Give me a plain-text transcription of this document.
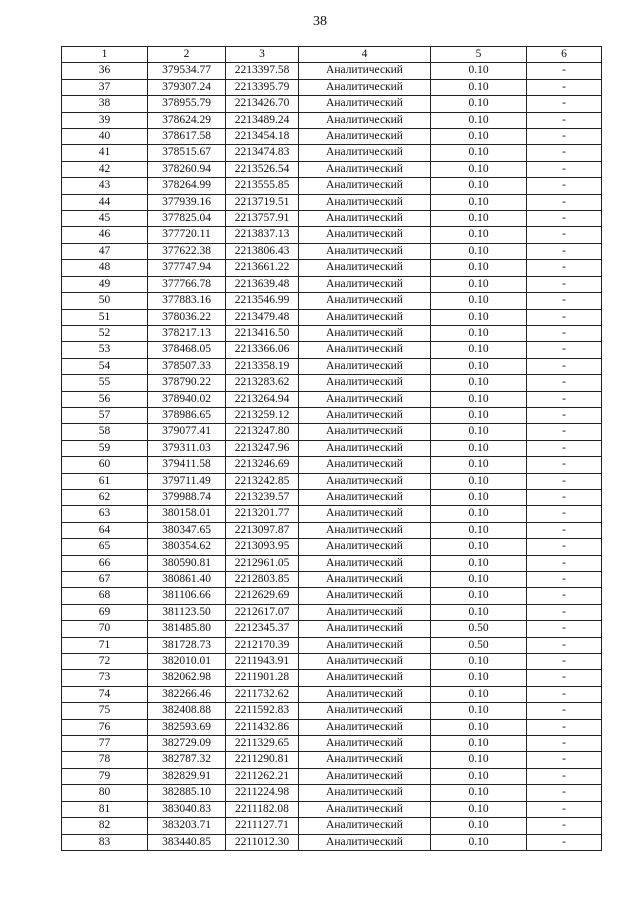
38
1	2	3	4	5	6
36	379534.77	2213397.58	Аналитический	0.10	-
37	379307.24	2213395.79	Аналитический	0.10	-
38	378955.79	2213426.70	Аналитический	0.10	-
39	378624.29	2213489.24	Аналитический	0.10	-
40	378617.58	2213454.18	Аналитический	0.10	-
41	378515.67	2213474.83	Аналитический	0.10	-
42	378260.94	2213526.54	Аналитический	0.10	-
43	378264.99	2213555.85	Аналитический	0.10	-
44	377939.16	2213719.51	Аналитический	0.10	-
45	377825.04	2213757.91	Аналитический	0.10	-
46	377720.11	2213837.13	Аналитический	0.10	-
47	377622.38	2213806.43	Аналитический	0.10	-
48	377747.94	2213661.22	Аналитический	0.10	-
49	377766.78	2213639.48	Аналитический	0.10	-
50	377883.16	2213546.99	Аналитический	0.10	-
51	378036.22	2213479.48	Аналитический	0.10	-
52	378217.13	2213416.50	Аналитический	0.10	-
53	378468.05	2213366.06	Аналитический	0.10	-
54	378507.33	2213358.19	Аналитический	0.10	-
55	378790.22	2213283.62	Аналитический	0.10	-
56	378940.02	2213264.94	Аналитический	0.10	-
57	378986.65	2213259.12	Аналитический	0.10	-
58	379077.41	2213247.80	Аналитический	0.10	-
59	379311.03	2213247.96	Аналитический	0.10	-
60	379411.58	2213246.69	Аналитический	0.10	-
61	379711.49	2213242.85	Аналитический	0.10	-
62	379988.74	2213239.57	Аналитический	0.10	-
63	380158.01	2213201.77	Аналитический	0.10	-
64	380347.65	2213097.87	Аналитический	0.10	-
65	380354.62	2213093.95	Аналитический	0.10	-
66	380590.81	2212961.05	Аналитический	0.10	-
67	380861.40	2212803.85	Аналитический	0.10	-
68	381106.66	2212629.69	Аналитический	0.10	-
69	381123.50	2212617.07	Аналитический	0.10	-
70	381485.80	2212345.37	Аналитический	0.50	-
71	381728.73	2212170.39	Аналитический	0.50	-
72	382010.01	2211943.91	Аналитический	0.10	-
73	382062.98	2211901.28	Аналитический	0.10	-
74	382266.46	2211732.62	Аналитический	0.10	-
75	382408.88	2211592.83	Аналитический	0.10	-
76	382593.69	2211432.86	Аналитический	0.10	-
77	382729.09	2211329.65	Аналитический	0.10	-
78	382787.32	2211290.81	Аналитический	0.10	-
79	382829.91	2211262.21	Аналитический	0.10	-
80	382885.10	2211224.98	Аналитический	0.10	-
81	383040.83	2211182.08	Аналитический	0.10	-
82	383203.71	2211127.71	Аналитический	0.10	-
83	383440.85	2211012.30	Аналитический	0.10	-
